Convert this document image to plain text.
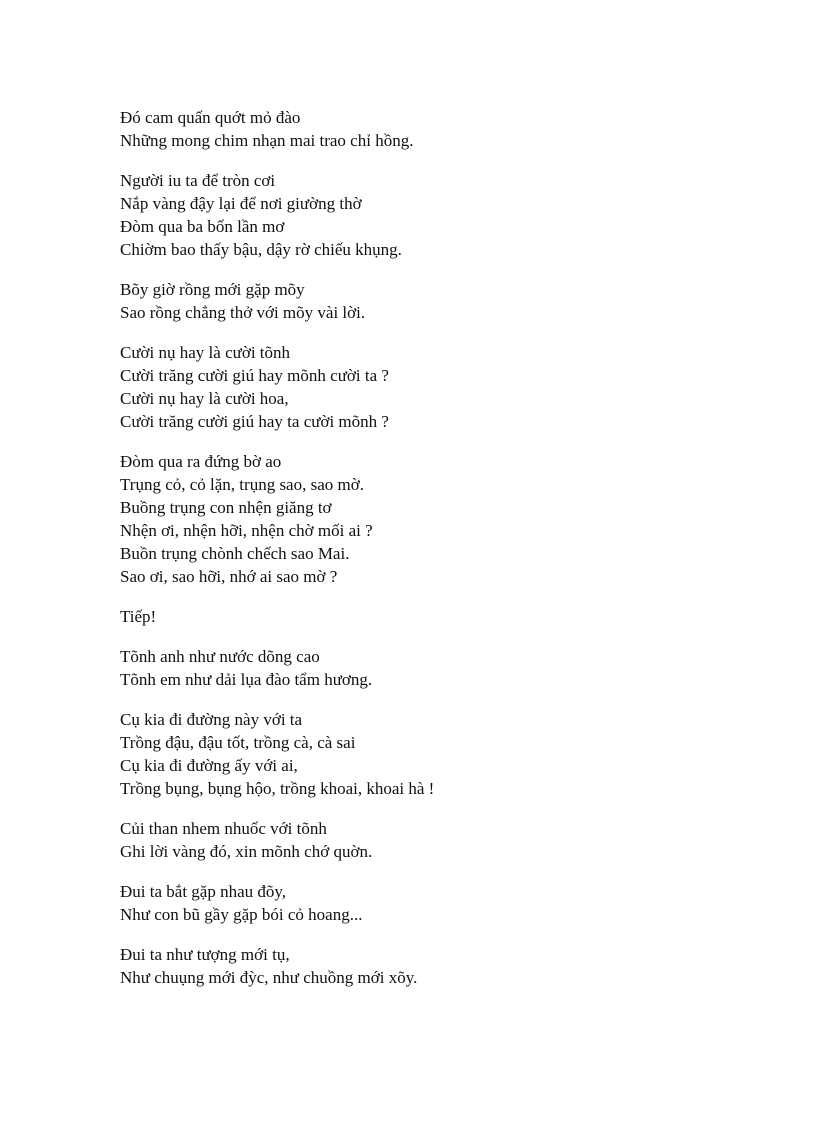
Đó cam quấn quớt mỏ đào
Những mong chim nhạn mai trao chỉ hồng.
Người iu ta để tròn cơi
Nắp vàng đậy lại để nơi giường thờ
Đòm qua ba bốn lần mơ
Chiờm bao thấy bậu, dậy rờ chiếu khụng.
Bõy giờ rồng mới gặp mõy
Sao rồng chẳng thở với mõy vài lời.
Cười nụ hay là cười tõnh
Cười trăng cười giú hay mõnh cười ta ?
Cười nụ hay là cười hoa,
Cười trăng cười giú hay ta cười mõnh ?
Đòm qua ra đứng bờ ao
Trụng cỏ, cỏ lặn, trụng sao, sao mờ.
Buồng trụng con nhện giăng tơ
Nhện ơi, nhện hỡi, nhện chờ mối ai ?
Buồn trụng chònh chếch sao Mai.
Sao ơi, sao hỡi, nhớ ai sao mờ ?
Tiếp!
Tõnh anh như nước dõng cao
Tõnh em như dải lụa đào tẩm hương.
Cụ kia đi đường này với ta
Trồng đậu, đậu tốt, trồng cà, cà sai
Cụ kia đi đường ấy với ai,
Trồng bụng, bụng hộo, trồng khoai, khoai hà !
Củi than nhem nhuốc với tõnh
Ghi lời vàng đó, xin mõnh chớ quờn.
Đui ta bắt gặp nhau đõy,
Như con bũ gầy gặp bói cỏ hoang...
Đui ta như tượng mới tụ,
Như chuụng mới đỳc, như chuồng mới xõy.
